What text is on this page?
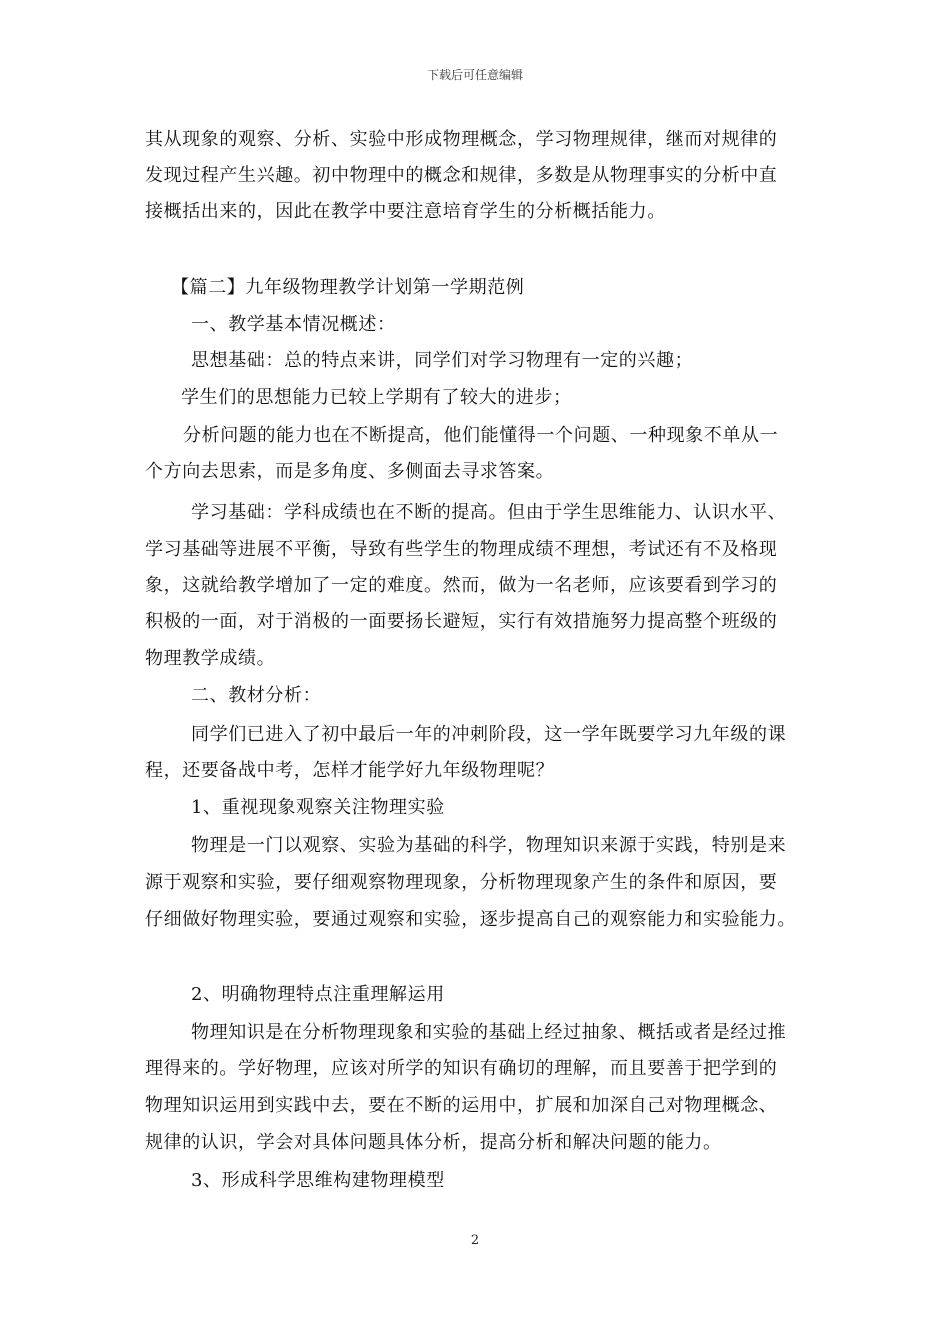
下载后可任意编辑
其从现象的观察、分析、实验中形成物理概念，学习物理规律，继而对规律的
发现过程产生兴趣。初中物理中的概念和规律，多数是从物理事实的分析中直
接概括出来的，因此在教学中要注意培育学生的分析概括能力。
【篇二】九年级物理教学计划第一学期范例
一、教学基本情况概述：
思想基础：总的特点来讲，同学们对学习物理有一定的兴趣；
学生们的思想能力已较上学期有了较大的进步；
分析问题的能力也在不断提高，他们能懂得一个问题、一种现象不单从一
个方向去思索，而是多角度、多侧面去寻求答案。
学习基础：学科成绩也在不断的提高。但由于学生思维能力、认识水平、
学习基础等进展不平衡，导致有些学生的物理成绩不理想，考试还有不及格现
象，这就给教学增加了一定的难度。然而，做为一名老师，应该要看到学习的
积极的一面，对于消极的一面要扬长避短，实行有效措施努力提高整个班级的
物理教学成绩。
二、教材分析：
同学们已进入了初中最后一年的冲刺阶段，这一学年既要学习九年级的课
程，还要备战中考，怎样才能学好九年级物理呢？
1、重视现象观察关注物理实验
物理是一门以观察、实验为基础的科学，物理知识来源于实践，特别是来
源于观察和实验，要仔细观察物理现象，分析物理现象产生的条件和原因，要
仔细做好物理实验，要通过观察和实验，逐步提高自己的观察能力和实验能力。
2、明确物理特点注重理解运用
物理知识是在分析物理现象和实验的基础上经过抽象、概括或者是经过推
理得来的。学好物理，应该对所学的知识有确切的理解，而且要善于把学到的
物理知识运用到实践中去，要在不断的运用中，扩展和加深自己对物理概念、
规律的认识，学会对具体问题具体分析，提高分析和解决问题的能力。
3、形成科学思维构建物理模型
2
